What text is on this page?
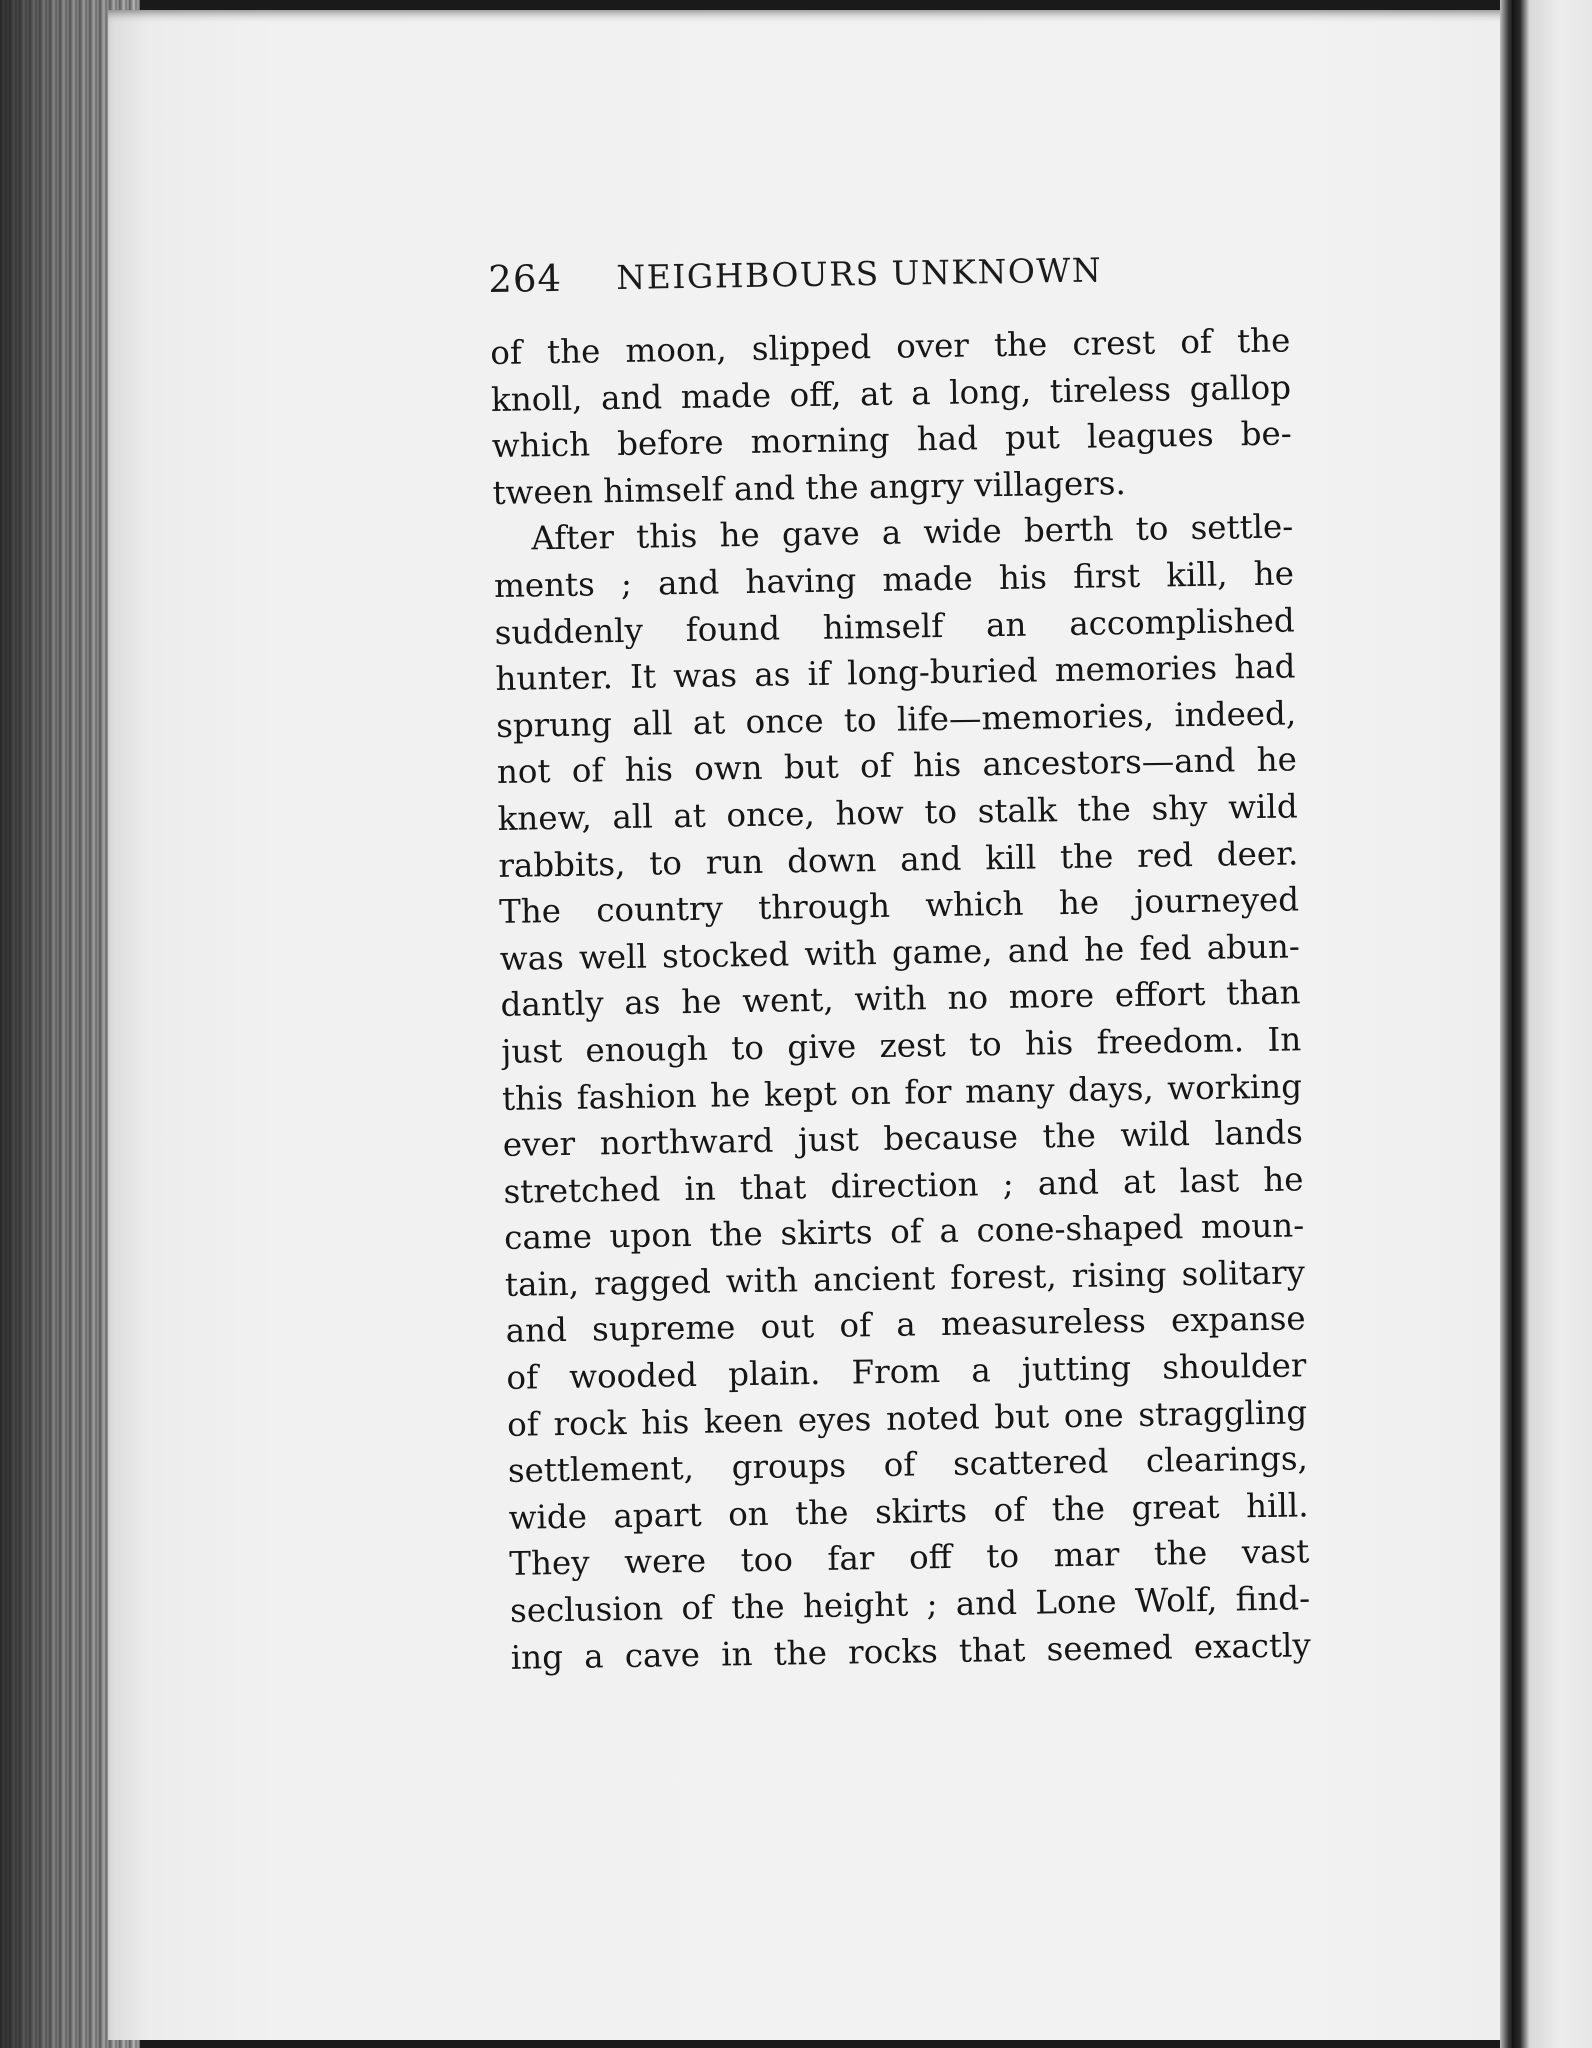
264 NEIGHBOURS UNKNOWN
of the moon, slipped over the crest of the
knoll, and made off, at a long, tireless gallop
which before morning had put leagues be-
tween himself and the angry villagers.
After this he gave a wide berth to settle-
ments ; and having made his first kill, he
suddenly found himself an accomplished
hunter. It was as if long-buried memories had
sprung all at once to life—memories, indeed,
not of his own but of his ancestors—and he
knew, all at once, how to stalk the shy wild
rabbits, to run down and kill the red deer.
The country through which he journeyed
was well stocked with game, and he fed abun-
dantly as he went, with no more effort than
just enough to give zest to his freedom. In
this fashion he kept on for many days, working
ever northward just because the wild lands
stretched in that direction ; and at last he
came upon the skirts of a cone-shaped moun-
tain, ragged with ancient forest, rising solitary
and supreme out of a measureless expanse
of wooded plain. From a jutting shoulder
of rock his keen eyes noted but one straggling
settlement, groups of scattered clearings,
wide apart on the skirts of the great hill.
They were too far off to mar the vast
seclusion of the height ; and Lone Wolf, find-
ing a cave in the rocks that seemed exactly
